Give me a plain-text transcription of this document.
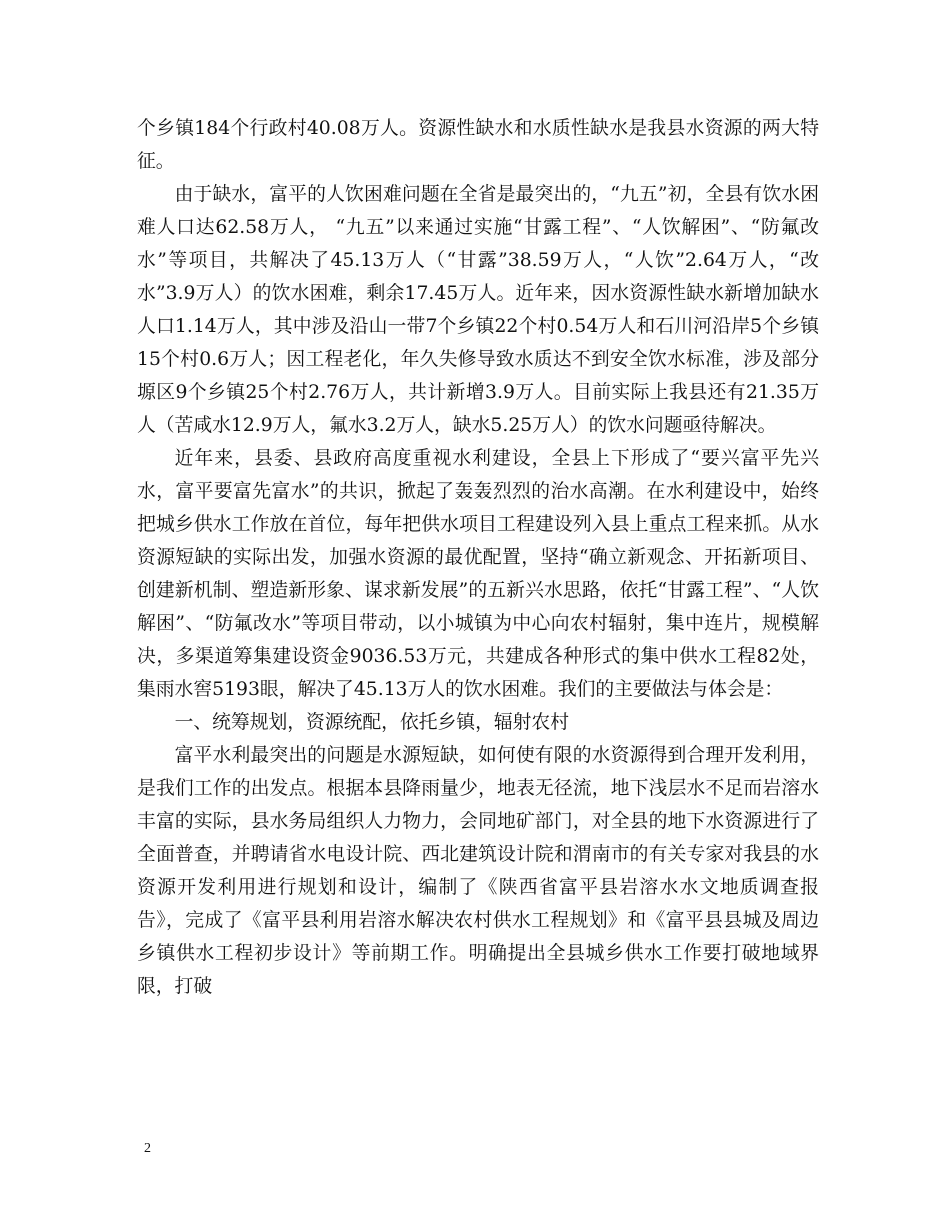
个乡镇184个行政村40.08万人。资源性缺水和水质性缺水是我县水资源的两大特征。

由于缺水，富平的人饮困难问题在全省是最突出的，“九五”初，全县有饮水困难人口达62.58万人， “九五”以来通过实施“甘露工程”、“人饮解困”、“防氟改水”等项目，共解决了45.13万人（“甘露”38.59万人，“人饮”2.64万人，“改水”3.9万人）的饮水困难，剩余17.45万人。近年来，因水资源性缺水新增加缺水人口1.14万人，其中涉及沿山一带7个乡镇22个村0.54万人和石川河沿岸5个乡镇15个村0.6万人；因工程老化，年久失修导致水质达不到安全饮水标准，涉及部分塬区9个乡镇25个村2.76万人，共计新增3.9万人。目前实际上我县还有21.35万人（苦咸水12.9万人，氟水3.2万人，缺水5.25万人）的饮水问题亟待解决。

近年来，县委、县政府高度重视水利建设，全县上下形成了“要兴富平先兴水，富平要富先富水”的共识，掀起了轰轰烈烈的治水高潮。在水利建设中，始终把城乡供水工作放在首位，每年把供水项目工程建设列入县上重点工程来抓。从水资源短缺的实际出发，加强水资源的最优配置，坚持“确立新观念、开拓新项目、创建新机制、塑造新形象、谋求新发展”的五新兴水思路，依托“甘露工程”、“人饮解困”、“防氟改水”等项目带动，以小城镇为中心向农村辐射，集中连片，规模解决，多渠道筹集建设资金9036.53万元，共建成各种形式的集中供水工程82处，集雨水窖5193眼，解决了45.13万人的饮水困难。我们的主要做法与体会是：

一、统筹规划，资源统配，依托乡镇，辐射农村

富平水利最突出的问题是水源短缺，如何使有限的水资源得到合理开发利用，是我们工作的出发点。根据本县降雨量少，地表无径流，地下浅层水不足而岩溶水丰富的实际，县水务局组织人力物力，会同地矿部门，对全县的地下水资源进行了全面普查，并聘请省水电设计院、西北建筑设计院和渭南市的有关专家对我县的水资源开发利用进行规划和设计，编制了《陕西省富平县岩溶水水文地质调查报告》，完成了《富平县利用岩溶水解决农村供水工程规划》和《富平县县城及周边乡镇供水工程初步设计》等前期工作。明确提出全县城乡供水工作要打破地域界限，打破

2
